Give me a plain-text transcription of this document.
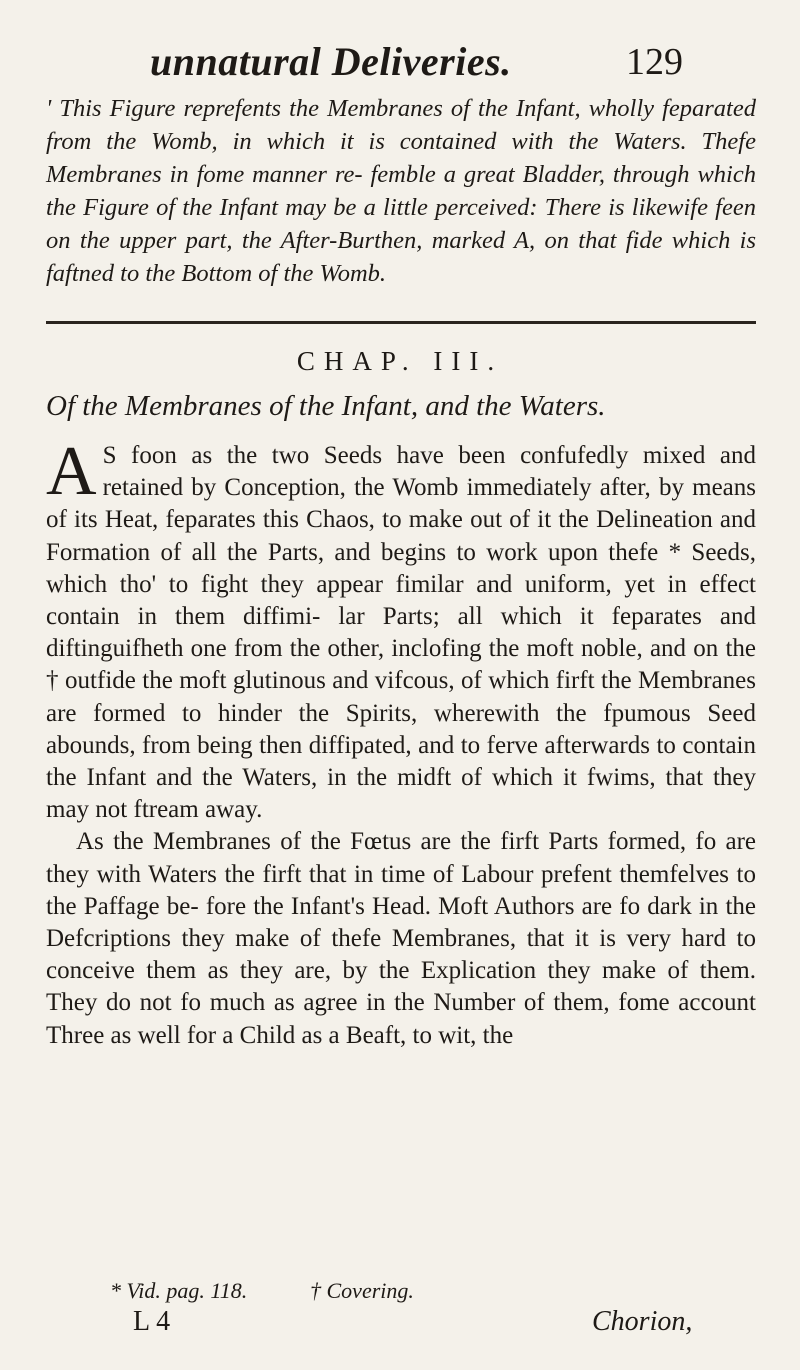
unnatural Deliveries.	129
' This Figure reprefents the Membranes of the Infant, wholly feparated from the Womb, in which it is contained with the Waters. Thefe Membranes in fome manner re- femble a great Bladder, through which the Figure of the Infant may be a little perceived: There is likewife feen on the upper part, the After-Burthen, marked A, on that fide which is faftned to the Bottom of the Womb.
CHAP. III.
Of the Membranes of the Infant, and the Waters.

A S foon as the two Seeds have been confufedly mixed and retained by Conception, the Womb immediately after, by means of its Heat, feparates this Chaos, to make out of it the Delineation and Formation of all the Parts, and begins to work upon thefe * Seeds, which tho' to fight they appear fimilar and uniform, yet in effect contain in them diffimi- lar Parts; all which it feparates and diftinguifheth one from the other, inclofing the moft noble, and on the † outfide the moft glutinous and vifcous, of which firft the Membranes are formed to hinder the Spirits, wherewith the fpumous Seed abounds, from being then diffipated, and to ferve afterwards to contain the Infant and the Waters, in the midft of which it fwims, that they may not ftream away.

As the Membranes of the Fœtus are the firft Parts formed, fo are they with Waters the firft that in time of Labour prefent themfelves to the Paffage be- fore the Infant's Head. Moft Authors are fo dark in the Defcriptions they make of thefe Membranes, that it is very hard to conceive them as they are, by the Explication they make of them. They do not fo much as agree in the Number of them, fome account Three as well for a Child as a Beaft, to wit, the

* Vid. pag. 118.	† Covering.
L 4	Chorion,
